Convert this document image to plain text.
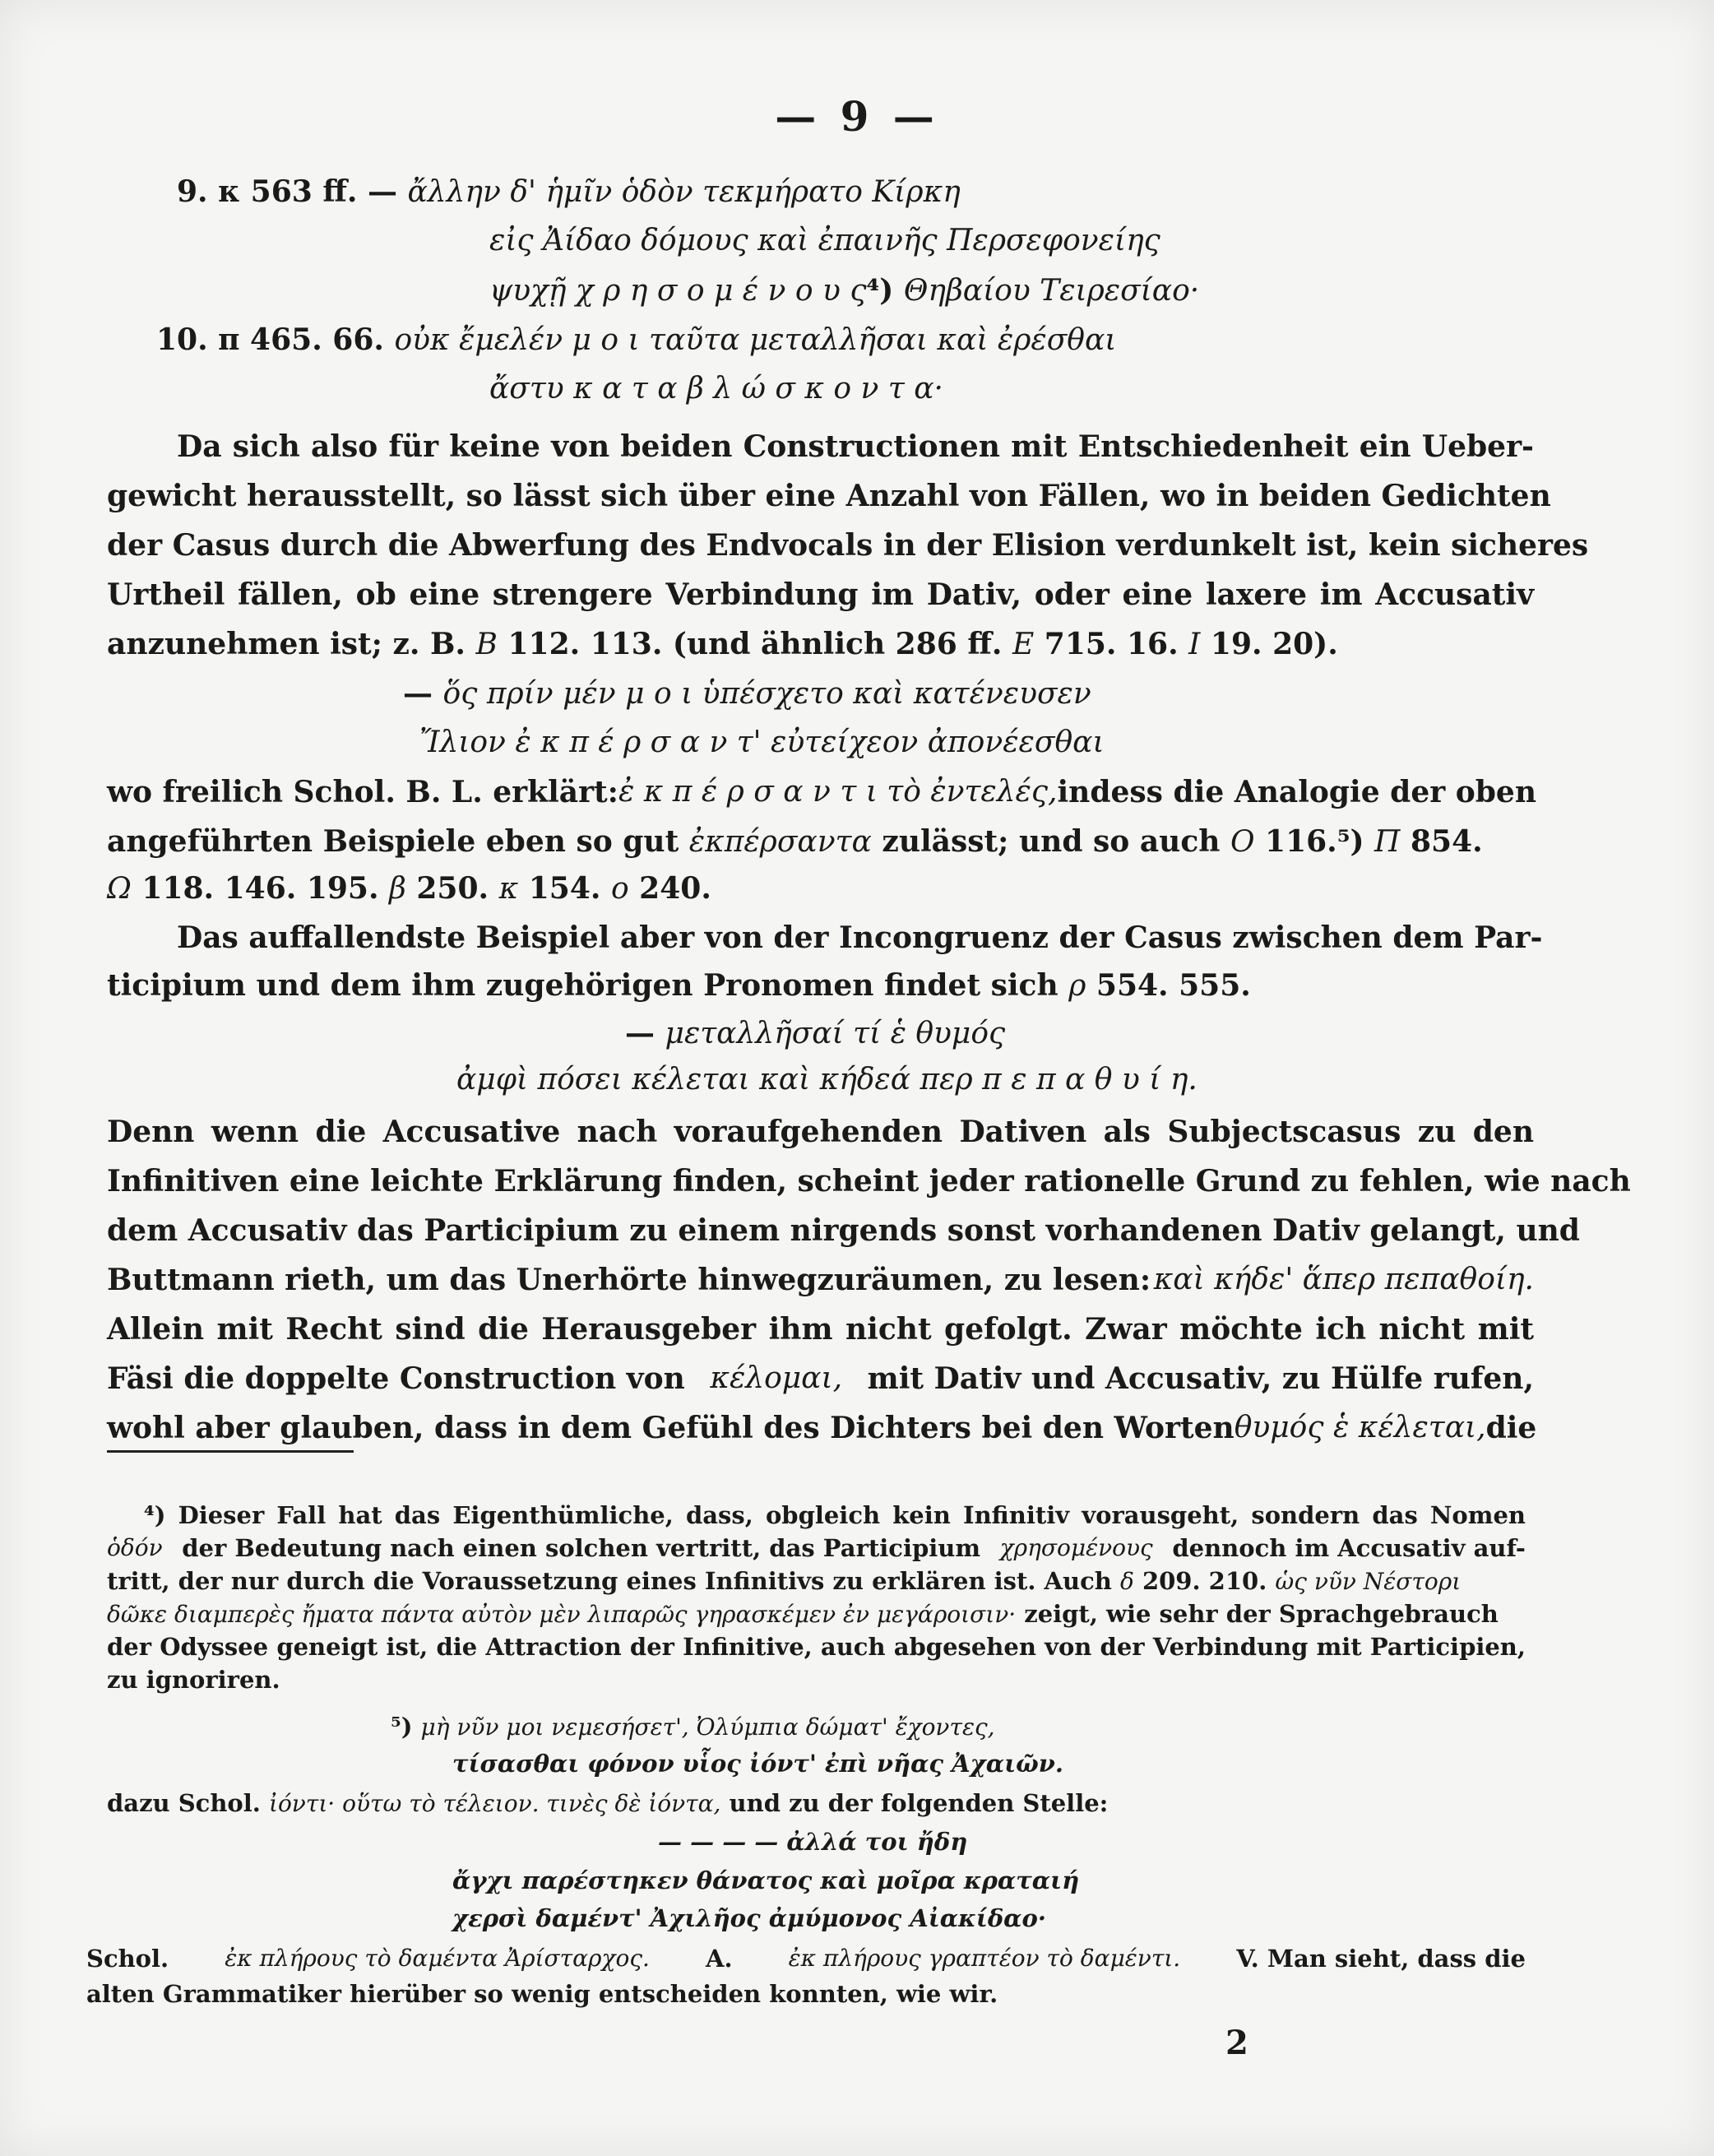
— 9 —
9. κ 563 ff. — ἄλλην δ' ἡμῖν ὁδὸν τεκμήρατο Κίρκη
εἰς Ἀίδαο δόμους καὶ ἐπαινῆς Περσεφονείης
ψυχῇ χ ρ η σ ο μ έ ν ο υ ς⁴) Θηβαίου Τειρεσίαο·
10. π 465. 66. οὐκ ἔμελέν μ ο ι ταῦτα μεταλλῆσαι καὶ ἐρέσθαι
ἄστυ κ α τ α β λ ώ σ κ ο ν τ α·
Da sich also für keine von beiden Constructionen mit Entschiedenheit ein Ueber-
gewicht herausstellt, so lässt sich über eine Anzahl von Fällen, wo in beiden Gedichten
der Casus durch die Abwerfung des Endvocals in der Elision verdunkelt ist, kein sicheres
Urtheil fällen, ob eine strengere Verbindung im Dativ, oder eine laxere im Accusativ
anzunehmen ist; z. B. Β 112. 113. (und ähnlich 286 ff. Ε 715. 16. Ι 19. 20).
— ὅς πρίν μέν μ ο ι ὑπέσχετο καὶ κατένευσεν
Ἴλιον ἐ κ π έ ρ σ α ν τ' εὐτείχεον ἀπονέεσθαι
wo freilich Schol. B. L. erklärt: ἐ κ π έ ρ σ α ν τ ι τὸ ἐντελές, indess die Analogie der oben
angeführten Beispiele eben so gut ἐκπέρσαντα zulässt; und so auch Ο 116.⁵) Π 854.
Ω 118. 146. 195. β 250. κ 154. ο 240.
Das auffallendste Beispiel aber von der Incongruenz der Casus zwischen dem Par-
ticipium und dem ihm zugehörigen Pronomen findet sich ρ 554. 555.
— μεταλλῆσαί τί ἑ θυμός
ἀμφὶ πόσει κέλεται καὶ κήδεά περ π ε π α θ υ ί η.
Denn wenn die Accusative nach voraufgehenden Dativen als Subjectscasus zu den
Infinitiven eine leichte Erklärung finden, scheint jeder rationelle Grund zu fehlen, wie nach
dem Accusativ das Participium zu einem nirgends sonst vorhandenen Dativ gelangt, und
Buttmann rieth, um das Unerhörte hinwegzuräumen, zu lesen: καὶ κήδε' ἅπερ πεπαθοίη.
Allein mit Recht sind die Herausgeber ihm nicht gefolgt. Zwar möchte ich nicht mit
Fäsi die doppelte Construction von κέλομαι, mit Dativ und Accusativ, zu Hülfe rufen,
wohl aber glauben, dass in dem Gefühl des Dichters bei den Worten θυμός ἑ κέλεται, die
⁴) Dieser Fall hat das Eigenthümliche, dass, obgleich kein Infinitiv vorausgeht, sondern das Nomen
ὁδόν der Bedeutung nach einen solchen vertritt, das Participium χρησομένους dennoch im Accusativ auf-
tritt, der nur durch die Voraussetzung eines Infinitivs zu erklären ist. Auch δ 209. 210. ὡς νῦν Νέστορι
δῶκε διαμπερὲς ἤματα πάντα αὐτὸν μὲν λιπαρῶς γηρασκέμεν ἐν μεγάροισιν· zeigt, wie sehr der Sprachgebrauch
der Odyssee geneigt ist, die Attraction der Infinitive, auch abgesehen von der Verbindung mit Participien,
zu ignoriren.
⁵) μὴ νῦν μοι νεμεσήσετ', Ὀλύμπια δώματ' ἔχοντες,
τίσασθαι φόνον υἷος ἰόντ' ἐπὶ νῆας Ἀχαιῶν.
dazu Schol. ἰόντι· οὕτω τὸ τέλειον. τινὲς δὲ ἰόντα, und zu der folgenden Stelle:
— — — — ἀλλά τοι ἤδη
ἄγχι παρέστηκεν θάνατος καὶ μοῖρα κραταιή
χερσὶ δαμέντ' Ἀχιλῆος ἀμύμονος Αἰακίδαο·
Schol. ἐκ πλήρους τὸ δαμέντα Ἀρίσταρχος. A. ἐκ πλήρους γραπτέον τὸ δαμέντι. V. Man sieht, dass die
alten Grammatiker hierüber so wenig entscheiden konnten, wie wir.
2
